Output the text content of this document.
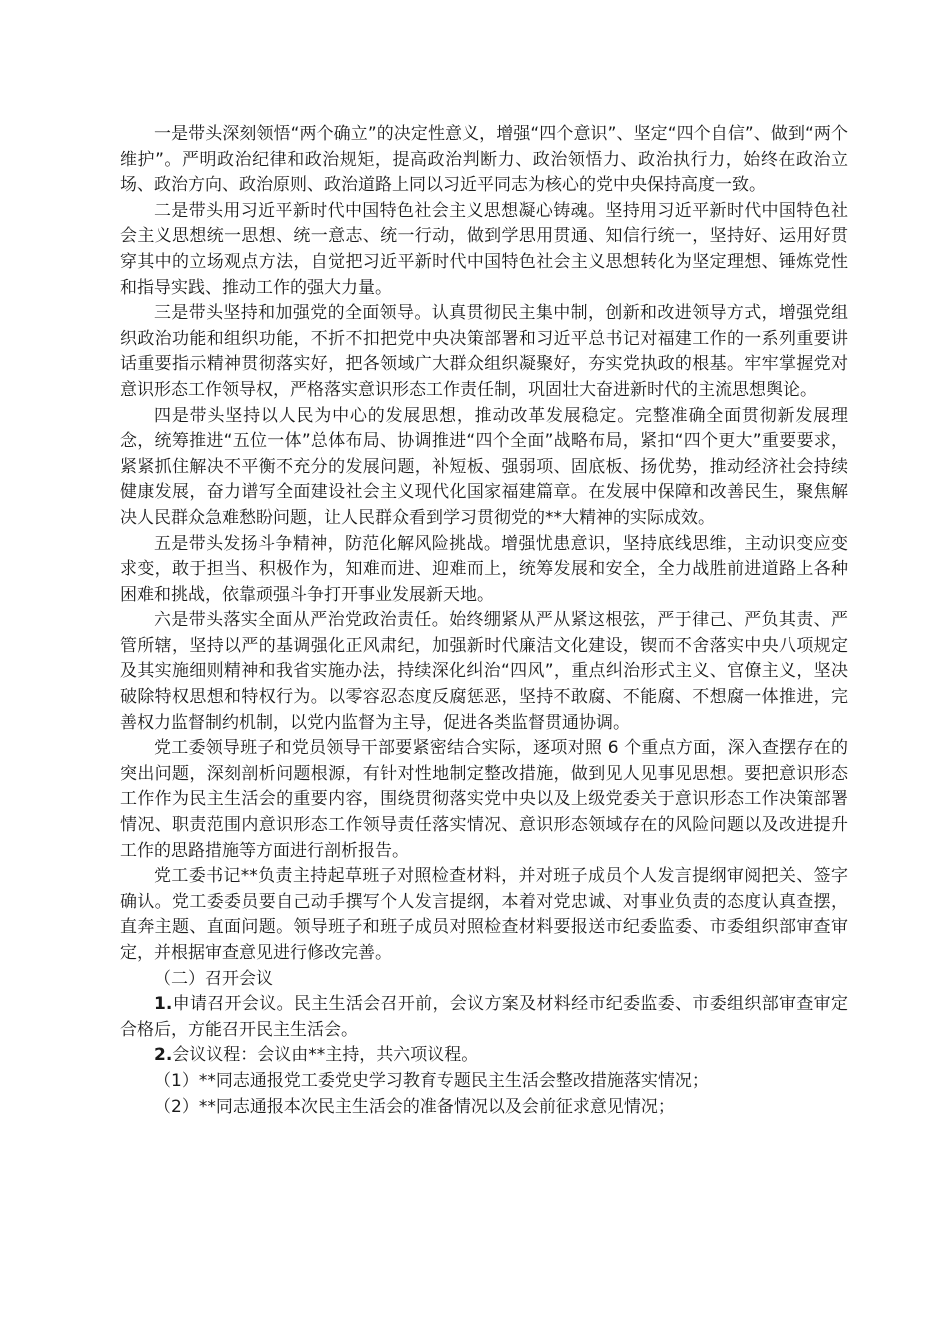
一是带头深刻领悟“两个确立”的决定性意义，增强“四个意识”、坚定“四个自信”、做到“两个维护”。严明政治纪律和政治规矩，提高政治判断力、政治领悟力、政治执行力，始终在政治立场、政治方向、政治原则、政治道路上同以习近平同志为核心的党中央保持高度一致。

二是带头用习近平新时代中国特色社会主义思想凝心铸魂。坚持用习近平新时代中国特色社会主义思想统一思想、统一意志、统一行动，做到学思用贯通、知信行统一，坚持好、运用好贯穿其中的立场观点方法，自觉把习近平新时代中国特色社会主义思想转化为坚定理想、锤炼党性和指导实践、推动工作的强大力量。

三是带头坚持和加强党的全面领导。认真贯彻民主集中制，创新和改进领导方式，增强党组织政治功能和组织功能，不折不扣把党中央决策部署和习近平总书记对福建工作的一系列重要讲话重要指示精神贯彻落实好，把各领域广大群众组织凝聚好，夯实党执政的根基。牢牢掌握党对意识形态工作领导权，严格落实意识形态工作责任制，巩固壮大奋进新时代的主流思想舆论。

四是带头坚持以人民为中心的发展思想，推动改革发展稳定。完整准确全面贯彻新发展理念，统筹推进“五位一体”总体布局、协调推进“四个全面”战略布局，紧扣“四个更大”重要要求，紧紧抓住解决不平衡不充分的发展问题，补短板、强弱项、固底板、扬优势，推动经济社会持续健康发展，奋力谱写全面建设社会主义现代化国家福建篇章。在发展中保障和改善民生，聚焦解决人民群众急难愁盼问题，让人民群众看到学习贯彻党的**大精神的实际成效。

五是带头发扬斗争精神，防范化解风险挑战。增强忧患意识，坚持底线思维，主动识变应变求变，敢于担当、积极作为，知难而进、迎难而上，统筹发展和安全，全力战胜前进道路上各种困难和挑战，依靠顽强斗争打开事业发展新天地。

六是带头落实全面从严治党政治责任。始终绷紧从严从紧这根弦，严于律己、严负其责、严管所辖，坚持以严的基调强化正风肃纪，加强新时代廉洁文化建设，锲而不舍落实中央八项规定及其实施细则精神和我省实施办法，持续深化纠治“四风”，重点纠治形式主义、官僚主义，坚决破除特权思想和特权行为。以零容忍态度反腐惩恶，坚持不敢腐、不能腐、不想腐一体推进，完善权力监督制约机制，以党内监督为主导，促进各类监督贯通协调。

党工委领导班子和党员领导干部要紧密结合实际，逐项对照 6 个重点方面，深入查摆存在的突出问题，深刻剖析问题根源，有针对性地制定整改措施，做到见人见事见思想。要把意识形态工作作为民主生活会的重要内容，围绕贯彻落实党中央以及上级党委关于意识形态工作决策部署情况、职责范围内意识形态工作领导责任落实情况、意识形态领域存在的风险问题以及改进提升工作的思路措施等方面进行剖析报告。

党工委书记**负责主持起草班子对照检查材料，并对班子成员个人发言提纲审阅把关、签字确认。党工委委员要自己动手撰写个人发言提纲，本着对党忠诚、对事业负责的态度认真查摆，直奔主题、直面问题。领导班子和班子成员对照检查材料要报送市纪委监委、市委组织部审查审定，并根据审查意见进行修改完善。

（二）召开会议

1.申请召开会议。民主生活会召开前，会议方案及材料经市纪委监委、市委组织部审查审定合格后，方能召开民主生活会。

2.会议议程：会议由**主持，共六项议程。

（1）**同志通报党工委党史学习教育专题民主生活会整改措施落实情况；

（2）**同志通报本次民主生活会的准备情况以及会前征求意见情况；
